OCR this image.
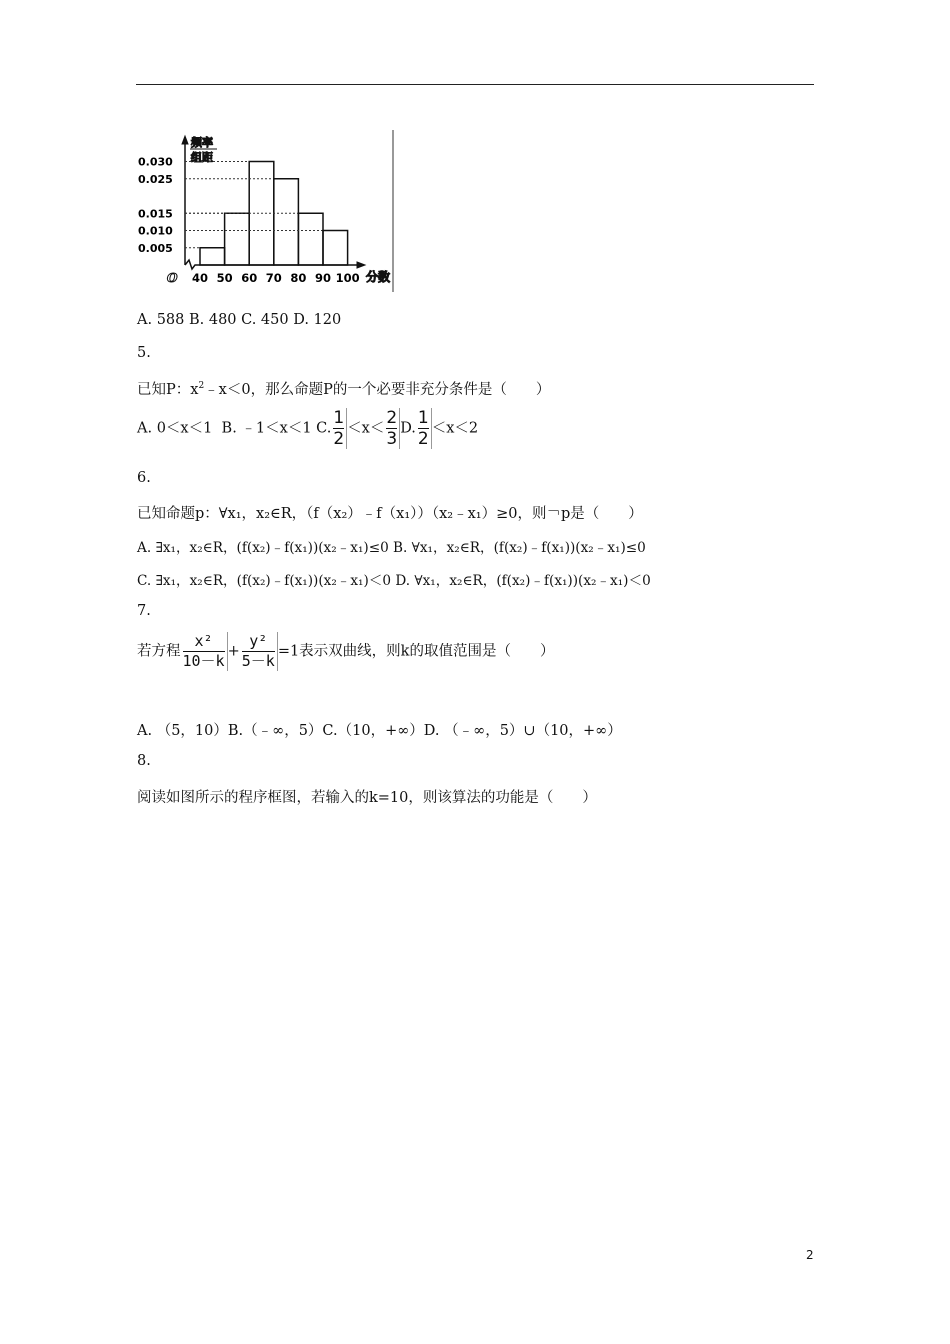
频率
组距
O	分数
0.030
0.025
0.015
0.010
0.005
40 50 60 70 80 90 100
A. 588 B. 480 C. 450 D. 120
5.
已知P：$x^2﹣x<0$，那么命题P的一个必要非充分条件是（　　）
A. 0＜x＜1 B. ﹣1＜x＜1 C. $\frac{1}{2} <x< \frac{2}{3} D$. $\frac{1}{2} <x<2$
6.
已知命题p：∀x₁，x₂∈R，（f（x₂）﹣f（x₁））（x₂﹣x₁）≥0，则￢p是（　　）
A. ∃x₁，x₂∈R，(f(x₂)﹣f(x₁))(x₂﹣x₁)≤0 B. ∀x₁，x₂∈R，(f(x₂)﹣f(x₁))(x₂﹣x₁)≤0
C. ∃x₁，x₂∈R，(f(x₂)﹣f(x₁))(x₂﹣x₁)＜0 D. ∀x₁，x₂∈R，(f(x₂)﹣f(x₁))(x₂﹣x₁)＜0
7.
若方程 $\frac{\text{x²}}{10-k} + \frac{\text{y²}}{5-k} =1$表示双曲线，则k的取值范围是（　　）
A. （5，10）B.（﹣∞，5）C.（10，+∞）D. （﹣∞，5）∪（10，+∞）
8.
阅读如图所示的程序框图，若输入的k=10，则该算法的功能是（　　）
2
